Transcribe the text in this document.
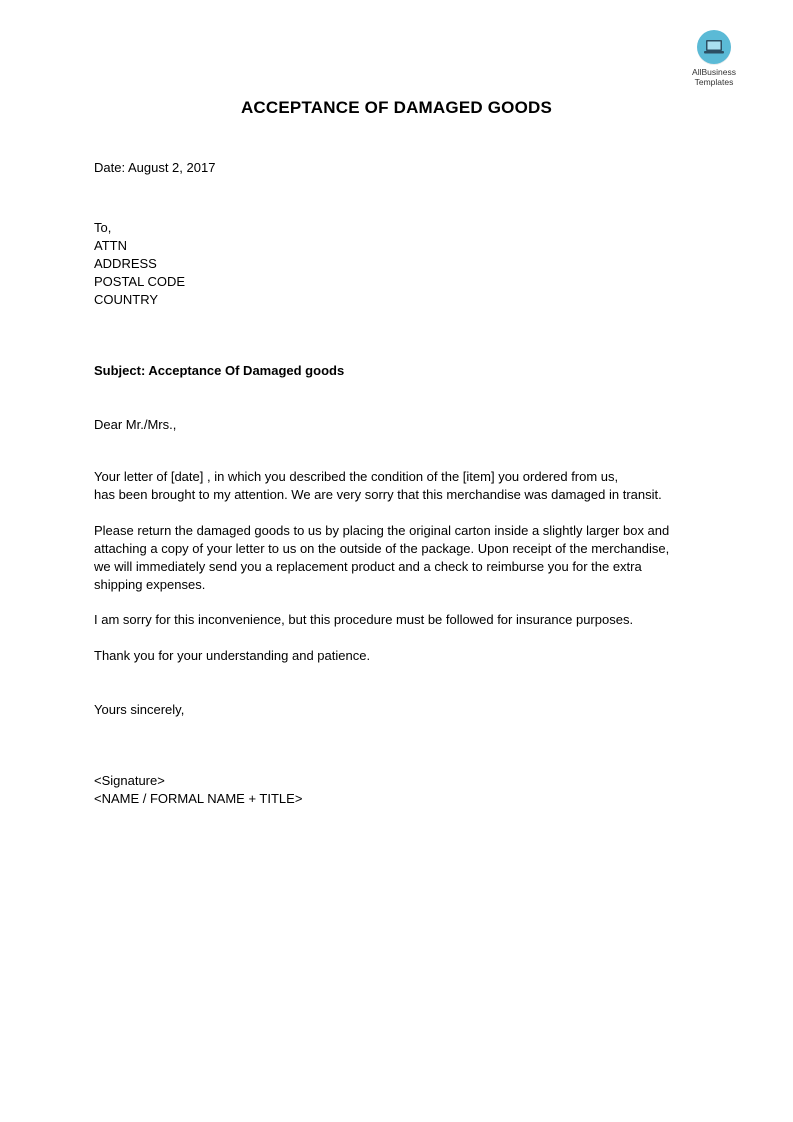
AllBusiness
Templates
ACCEPTANCE OF DAMAGED GOODS
Date: August 2, 2017
To,
ATTN
ADDRESS
POSTAL CODE
COUNTRY
Subject: Acceptance Of Damaged goods
Dear Mr./Mrs.,
Your letter of [date] , in which you described the condition of the [item] you ordered from us,
has been brought to my attention. We are very sorry that this merchandise was damaged in transit.
Please return the damaged goods to us by placing the original carton inside a slightly larger box and
attaching a copy of your letter to us on the outside of the package. Upon receipt of the merchandise,
we will immediately send you a replacement product and a check to reimburse you for the extra
shipping expenses.
I am sorry for this inconvenience, but this procedure must be followed for insurance purposes.
Thank you for your understanding and patience.
Yours sincerely,
<Signature>
<NAME / FORMAL NAME + TITLE>
